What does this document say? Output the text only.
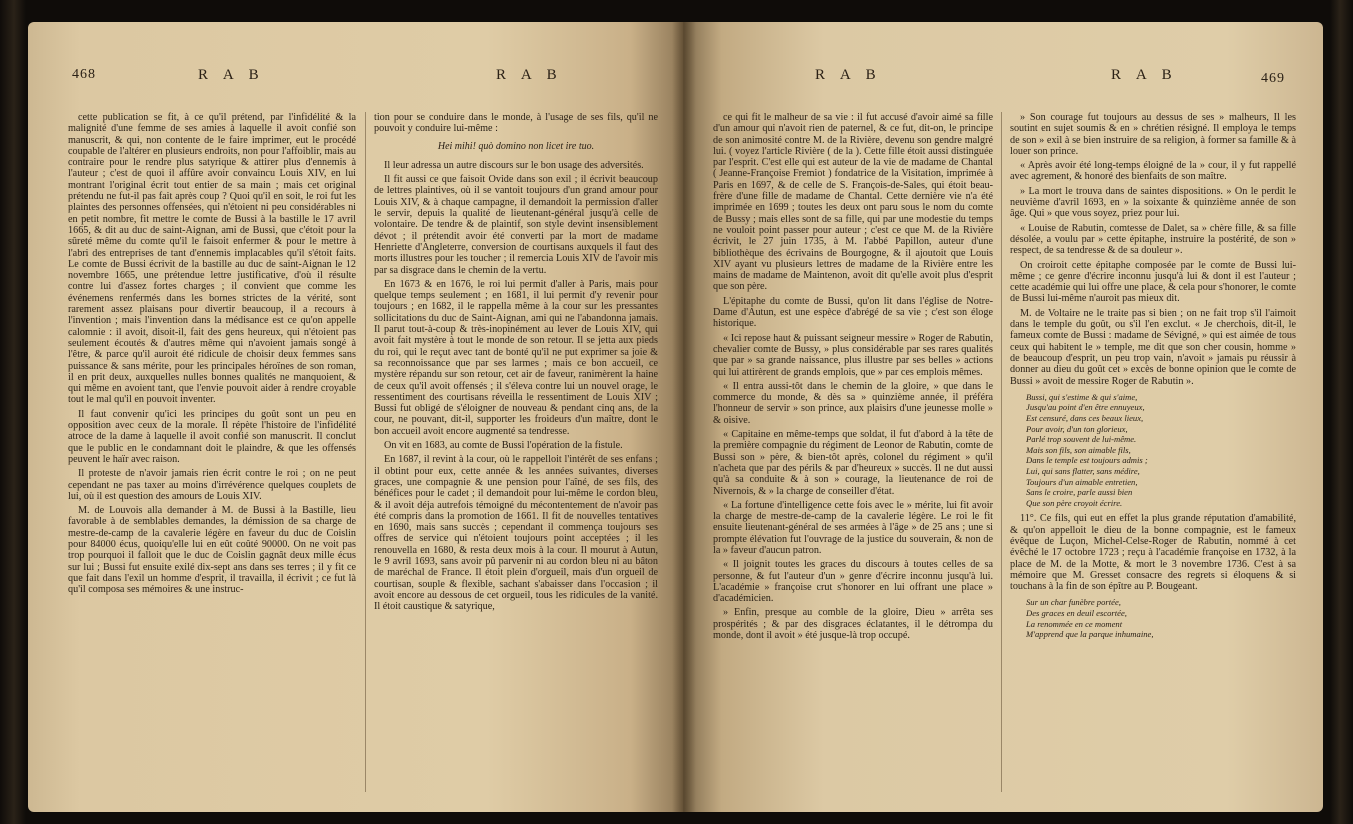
468	R A B	R A B

cette publication se fit, à ce qu'il prétend, par l'infidélité & la malignité d'une femme de ses amies à laquelle il avoit confié son manuscrit, & qui, non contente de le faire imprimer, eut le procédé coupable de l'altérer en plusieurs endroits, non pour l'affoiblir, mais au contraire pour le rendre plus satyrique & attirer plus d'ennemis à l'auteur ; c'est de quoi il affûre avoir convaincu Louis XIV, en lui montrant l'original écrit tout entier de sa main ; mais cet original prétendu ne fut-il pas fait après coup ? Quoi qu'il en soit, le roi fut les plaintes des personnes offensées, qui n'étoient ni peu considérables ni en petit nombre, fit mettre le comte de Bussi à la bastille le 17 avril 1665, & dit au duc de saint-Aignan, ami de Bussi, que c'étoit pour la sûreté même du comte qu'il le faisoit enfermer & pour le mettre à l'abri des entreprises de tant d'ennemis implacables qu'il s'étoit faits. Le comte de Bussi écrivit de la bastille au duc de saint-Aignan le 12 novembre 1665, une prétendue lettre justificative, d'où il résulte contre lui d'assez fortes charges ; il convient que comme les événemens renfermés dans les bornes strictes de la vérité, sont rarement assez plaisans pour divertir beaucoup, il a recours à l'invention ; mais l'invention dans la médisance est ce qu'on appelle calomnie : il avoit, disoit-il, fait des gens heureux, qui n'étoient pas seulement écoutés & d'autres même qui n'avoient jamais songé à l'être, & parce qu'il auroit été ridicule de choisir deux femmes sans puissance & sans mérite, pour les principales héroïnes de son roman, il en prit deux, auxquelles nulles bonnes qualités ne manquoient, & qui même en avoient tant, que l'envie pouvoit aider à rendre croyable tout le mal qu'il en pouvoit inventer.

Il faut convenir qu'ici les principes du goût sont un peu en opposition avec ceux de la morale. Il répète l'histoire de l'infidélité atroce de la dame à laquelle il avoit confié son manuscrit. Il conclut que le public en le condamnant doit le plaindre, & que les offensés peuvent le haïr avec raison.

Il proteste de n'avoir jamais rien écrit contre le roi ; on ne peut cependant ne pas taxer au moins d'irrévérence quelques couplets de lui, où il est question des amours de Louis XIV.

M. de Louvois alla demander à M. de Bussi à la Bastille, lieu favorable à de semblables demandes, la démission de sa charge de mestre-de-camp de la cavalerie légère en faveur du duc de Coislin pour 84000 écus, quoiqu'elle lui en eût coûté 90000. On ne voit pas trop pourquoi il falloit que le duc de Coislin gagnât deux mille écus sur lui ; Bussi fut ensuite exilé dix-sept ans dans ses terres ; il y fit ce que fait dans l'exil un homme d'esprit, il travailla, il écrivit ; ce fut là qu'il composa ses mémoires & une instruc-

tion pour se conduire dans le monde, à l'usage de ses fils, qu'il ne pouvoit y conduire lui-même :

Hei mihi! quò domino non licet ire tuo.

Il leur adressa un autre discours sur le bon usage des adversités.

Il fit aussi ce que faisoit Ovide dans son exil ; il écrivit beaucoup de lettres plaintives, où il se vantoit toujours d'un grand amour pour Louis XIV, & à chaque campagne, il demandoit la permission d'aller le servir, depuis la qualité de lieutenant-général jusqu'à celle de volontaire. De tendre & de plaintif, son style devint insensiblement dévot ; il prétendit avoir été converti par la mort de madame Henriette d'Angleterre, conversion de courtisans auxquels il faut des morts illustres pour les toucher ; il remercia Louis XIV de l'avoir mis par sa disgrace dans le chemin de la vertu.

En 1673 & en 1676, le roi lui permit d'aller à Paris, mais pour quelque temps seulement ; en 1681, il lui permit d'y revenir pour toujours ; en 1682, il le rappella même à la cour sur les pressantes sollicitations du duc de Saint-Aignan, ami qui ne l'abandonna jamais. Il parut tout-à-coup & très-inopinément au lever de Louis XIV, qui avoit fait mystère à tout le monde de son retour. Il se jetta aux pieds du roi, qui le reçut avec tant de bonté qu'il ne put exprimer sa joie & sa reconnoissance que par ses larmes ; mais ce bon accueil, ce mystère répandu sur son retour, cet air de faveur, ranimèrent la haine de ceux qu'il avoit offensés ; il s'éleva contre lui un nouvel orage, le ressentiment des courtisans réveilla le ressentiment de Louis XIV ; Bussi fut obligé de s'éloigner de nouveau & pendant cinq ans, de la cour, ne pouvant, dit-il, supporter les froideurs d'un maître, dont le bon accueil avoit encore augmenté sa tendresse.

On vit en 1683, au comte de Bussi l'opération de la fistule.

En 1687, il revint à la cour, où le rappelloit l'intérêt de ses enfans ; il obtint pour eux, cette année & les années suivantes, diverses graces, une compagnie & une pension pour l'aîné, de ses fils, des bénéfices pour le cadet ; il demandoit pour lui-même le cordon bleu, & il avoit déja autrefois témoigné du mécontentement de n'avoir pas été compris dans la promotion de 1661. Il fit de nouvelles tentatives en 1690, mais sans succès ; cependant il commença toujours ses offres de service qui n'étoient toujours point acceptées ; il les renouvella en 1680, & resta deux mois à la cour. Il mourut à Autun, le 9 avril 1693, sans avoir pû parvenir ni au cordon bleu ni au bâton de maréchal de France. Il étoit plein d'orgueil, mais d'un orgueil de courtisan, souple & flexible, sachant s'abaisser dans l'occasion ; il avoit encore au dessous de cet orgueil, tous les ridicules de la vanité. Il étoit caustique & satyrique,

R A B	R A B	469

ce qui fit le malheur de sa vie : il fut accusé d'avoir aimé sa fille d'un amour qui n'avoit rien de paternel, & ce fut, dit-on, le principe de son animosité contre M. de la Rivière, devenu son gendre malgré lui. ( voyez l'article Rivière ( de la ). Cette fille étoit aussi distinguée par l'esprit. C'est elle qui est auteur de la vie de madame de Chantal ( Jeanne-Françoise Fremiot ) fondatrice de la Visitation, imprimée à Paris en 1697, & de celle de S. François-de-Sales, qui étoit beau-frère d'une fille de madame de Chantal. Cette dernière vie n'a été imprimée en 1699 ; toutes les deux ont paru sous le nom du comte de Bussy ; mais elles sont de sa fille, qui par une modestie du temps ne vouloit point passer pour auteur ; c'est ce que M. de la Rivière écrivit, le 27 juin 1735, à M. l'abbé Papillon, auteur d'une bibliothèque des écrivains de Bourgogne, & il ajoutoit que Louis XIV ayant vu plusieurs lettres de madame de la Rivière entre les mains de madame de Maintenon, avoit dit qu'elle avoit plus d'esprit que son père.

L'épitaphe du comte de Bussi, qu'on lit dans l'église de Notre-Dame d'Autun, est une espèce d'abrégé de sa vie ; c'est son éloge historique.

« Ici repose haut & puissant seigneur messire » Roger de Rabutin, chevalier comte de Bussy, » plus considérable par ses rares qualités que par » sa grande naissance, plus illustre par ses belles » actions qui lui attirèrent de grands emplois, que » par ces emplois mêmes.

« Il entra aussi-tôt dans le chemin de la gloire, » que dans le commerce du monde, & dès sa » quinzième année, il préféra l'honneur de servir » son prince, aux plaisirs d'une jeunesse molle » & oisive.

« Capitaine en même-temps que soldat, il fut d'abord à la tête de la première compagnie du régiment de Leonor de Rabutin, comte de Bussi son » père, & bien-tôt après, colonel du régiment » qu'il n'acheta que par des périls & par d'heureux » succès. Il ne dut aussi qu'à sa conduite & à son » courage, la lieutenance de roi de Nivernois, & » la charge de conseiller d'état.

« La fortune d'intelligence cette fois avec le » mérite, lui fit avoir la charge de mestre-de-camp de la cavalerie légère. Le roi le fit ensuite lieutenant-général de ses armées à l'âge » de 25 ans ; une si prompte élévation fut l'ouvrage de la justice du souverain, & non de la » faveur d'aucun patron.

« Il joignit toutes les graces du discours à toutes celles de sa personne, & fut l'auteur d'un » genre d'écrire inconnu jusqu'à lui. L'académie » françoise crut s'honorer en lui offrant une place » d'académicien.

» Enfin, presque au comble de la gloire, Dieu » arrêta ses prospérités ; & par des disgraces éclatantes, il le détrompa du monde, dont il avoit » été jusque-là trop occupé.

» Son courage fut toujours au dessus de ses » malheurs, Il les soutint en sujet soumis & en » chrétien résigné. Il employa le temps de son » exil à se bien instruire de sa religion, à former sa famille & à louer son prince.

« Après avoir été long-temps éloigné de la » cour, il y fut rappellé avec agrement, & honoré des bienfaits de son maître.

» La mort le trouva dans de saintes dispositions. » On le perdit le neuvième d'avril 1693, en » la soixante & quinzième année de son âge. Qui » que vous soyez, priez pour lui.

« Louise de Rabutin, comtesse de Dalet, sa » chère fille, & sa fille désolée, a voulu par » cette épitaphe, instruire la postérité, de son » respect, de sa tendresse & de sa douleur ».

On croiroit cette épitaphe composée par le comte de Bussi lui-même ; ce genre d'écrire inconnu jusqu'à lui & dont il est l'auteur ; cette académie qui lui offre une place, & cela pour s'honorer, le comte de Bussi lui-même n'auroit pas mieux dit.

M. de Voltaire ne le traite pas si bien ; on ne fait trop s'il l'aimoit dans le temple du goût, ou s'il l'en exclut. « Je cherchois, dit-il, le fameux comte de Bussi : madame de Sévigné, » qui est aimée de tous ceux qui habitent le » temple, me dit que son cher cousin, homme » de beaucoup d'esprit, un peu trop vain, n'avoit » jamais pu réussir à donner au dieu du goût cet » excès de bonne opinion que le comte de Bussi » avoit de messire Roger de Rabutin ».

Bussi, qui s'estime & qui s'aime,
Jusqu'au point d'en être ennuyeux,
Est censuré, dans ces beaux lieux,
Pour avoir, d'un ton glorieux,
Parlé trop souvent de lui-même.
Mais son fils, son aimable fils,
Dans le temple est toujours admis ;
Lui, qui sans flatter, sans médire,
Toujours d'un aimable entretien,
Sans le croire, parle aussi bien
Que son père croyoit écrire.

11°. Ce fils, qui eut en effet la plus grande réputation d'amabilité, & qu'on appelloit le dieu de la bonne compagnie, est le fameux évêque de Luçon, Michel-Celse-Roger de Rabutin, nommé à cet évêché le 17 octobre 1723 ; reçu à l'académie françoise en 1732, à la place de M. de la Motte, & mort le 3 novembre 1736. C'est à sa mémoire que M. Gresset consacre des regrets si éloquens & si touchans à la fin de son épître au P. Bougeant.

Sur un char funèbre portée,
Des graces en deuil escortée,
La renommée en ce moment
M'apprend que la parque inhumaine,
